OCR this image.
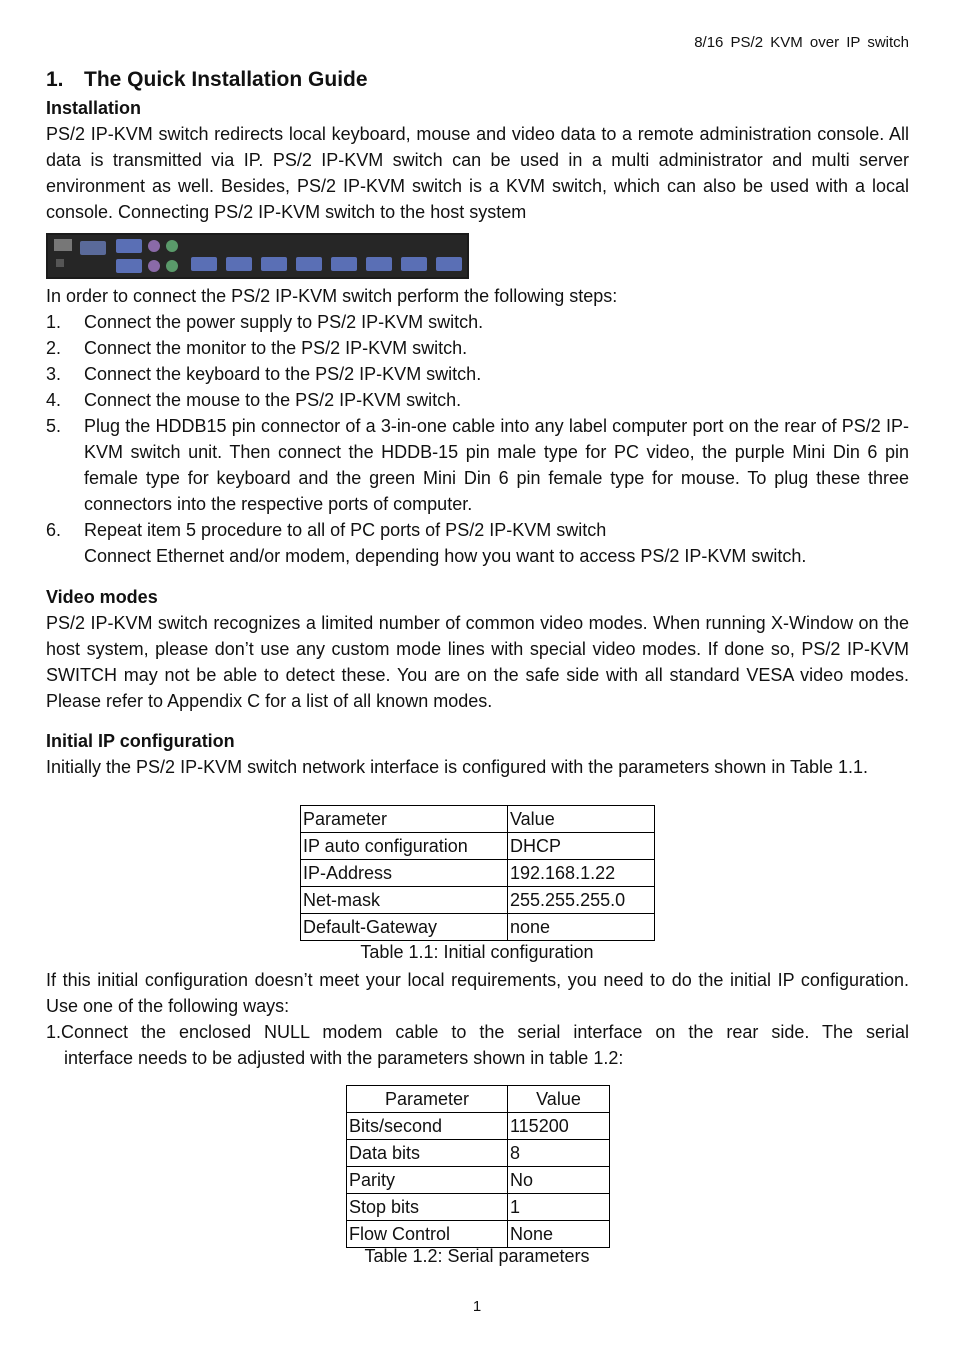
8/16 PS/2 KVM over IP switch
1. The Quick Installation Guide
Installation
PS/2 IP-KVM switch redirects local keyboard, mouse and video data to a remote administration console. All data is transmitted via IP. PS/2 IP-KVM switch can be used in a multi administrator and multi server environment as well. Besides, PS/2 IP-KVM switch is a KVM switch, which can also be used with a local console. Connecting PS/2 IP-KVM switch to the host system
In order to connect the PS/2 IP-KVM switch perform the following steps:
1. Connect the power supply to PS/2 IP-KVM switch.
2. Connect the monitor to the PS/2 IP-KVM switch.
3. Connect the keyboard to the PS/2 IP-KVM switch.
4. Connect the mouse to the PS/2 IP-KVM switch.
5. Plug the HDDB15 pin connector of a 3-in-one cable into any label computer port on the rear of PS/2 IP-KVM switch unit. Then connect the HDDB-15 pin male type for PC video, the purple Mini Din 6 pin female type for keyboard and the green Mini Din 6 pin female type for mouse. To plug these three connectors into the respective ports of computer.
6. Repeat item 5 procedure to all of PC ports of PS/2 IP-KVM switch
Connect Ethernet and/or modem, depending how you want to access PS/2 IP-KVM switch.
Video modes
PS/2 IP-KVM switch recognizes a limited number of common video modes. When running X-Window on the host system, please don’t use any custom mode lines with special video modes. If done so, PS/2 IP-KVM SWITCH may not be able to detect these. You are on the safe side with all standard VESA video modes. Please refer to Appendix C for a list of all known modes.
Initial IP configuration
Initially the PS/2 IP-KVM switch network interface is configured with the parameters shown in Table 1.1.
Parameter	Value
IP auto configuration	DHCP
IP-Address	192.168.1.22
Net-mask	255.255.255.0
Default-Gateway	none
Table 1.1: Initial configuration
If this initial configuration doesn’t meet your local requirements, you need to do the initial IP configuration. Use one of the following ways:
1.Connect the enclosed NULL modem cable to the serial interface on the rear side. The serial
interface needs to be adjusted with the parameters shown in table 1.2:
Parameter	Value
Bits/second	115200
Data bits	8
Parity	No
Stop bits	1
Flow Control	None
Table 1.2: Serial parameters
1
